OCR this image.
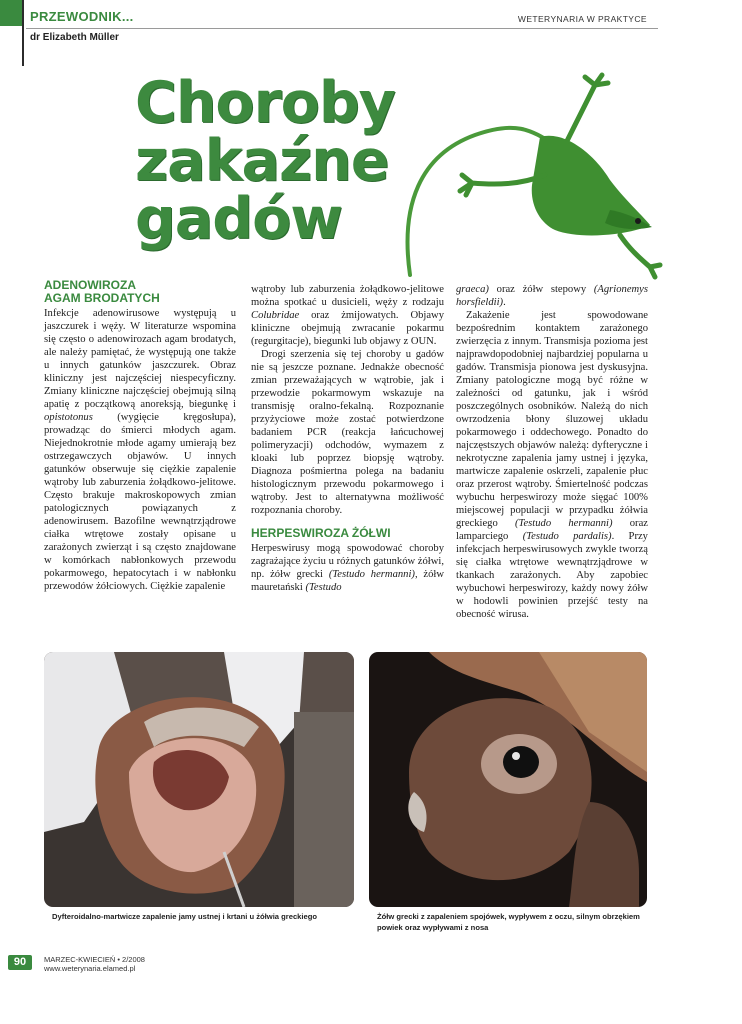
PRZEWODNIK...	WETERYNARIA W PRAKTYCE
dr Elizabeth Müller
Choroby
zakaźne
gadów
ADENOWIROZA
AGAM BRODATYCH

Infekcje adenowirusowe występują u jaszczurek i węży. W literaturze wspomina się często o adenowirozach agam brodatych, ale należy pamiętać, że występują one także u innych gatunków jaszczurek. Obraz kliniczny jest najczęściej niespecyficzny. Zmiany kliniczne najczęściej obejmują silną apatię z początkową anoreksją, biegunkę i opistotonus (wygięcie kręgosłupa), prowadząc do śmierci młodych agam. Niejednokrotnie młode agamy umierają bez ostrzegawczych objawów. U innych gatunków obserwuje się ciężkie zapalenie wątroby lub zaburzenia żołądkowo-jelitowe. Często brakuje makroskopowych zmian patologicznych powiązanych z adenowirusem. Bazofilne wewnątrzjądrowe ciałka wtrętowe zostały opisane u zarażonych zwierząt i są często znajdowane w komórkach nabłonkowych przewodu pokarmowego, hepatocytach i w nabłonku przewodów żółciowych. Ciężkie zapalenie

wątroby lub zaburzenia żołądkowo-jelitowe można spotkać u dusicieli, węży z rodzaju Colubridae oraz żmijowatych. Objawy kliniczne obejmują zwracanie pokarmu (regurgitacje), biegunki lub objawy z OUN.

Drogi szerzenia się tej choroby u gadów nie są jeszcze poznane. Jednakże obecność zmian przeważających w wątrobie, jak i przewodzie pokarmowym wskazuje na transmisję oralno-fekalną. Rozpoznanie przyżyciowe może zostać potwierdzone badaniem PCR (reakcja łańcuchowej polimeryzacji) odchodów, wymazem z kloaki lub poprzez biopsję wątroby. Diagnoza pośmiertna polega na badaniu histologicznym przewodu pokarmowego i wątroby. Jest to alternatywna możliwość rozpoznania choroby.

HERPESWIROZA ŻÓŁWI

Herpeswirusy mogą spowodować choroby zagrażające życiu u różnych gatunków żółwi, np. żółw grecki (Testudo hermanni), żółw mauretański (Testudo

graeca) oraz żółw stepowy (Agrionemys horsfieldii).

Zakażenie jest spowodowane bezpośrednim kontaktem zarażonego zwierzęcia z innym. Transmisja pozioma jest najprawdopodobniej najbardziej popularna u gadów. Transmisja pionowa jest dyskusyjna. Zmiany patologiczne mogą być różne w zależności od gatunku, jak i wśród poszczególnych osobników. Należą do nich owrzodzenia błony śluzowej układu pokarmowego i oddechowego. Ponadto do najczęstszych objawów należą: dyfteryczne i nekrotyczne zapalenia jamy ustnej i języka, martwicze zapalenie oskrzeli, zapalenie płuc oraz przerost wątroby. Śmiertelność podczas wybuchu herpeswirozy może sięgać 100% miejscowej populacji w przypadku żółwia greckiego (Testudo hermanni) oraz lamparciego (Testudo pardalis). Przy infekcjach herpeswirusowych zwykle tworzą się ciałka wtrętowe wewnątrzjądrowe w tkankach zarażonych. Aby zapobiec wybuchowi herpeswirozy, każdy nowy żółw w hodowli powinien przejść testy na obecność wirusa.

Dyfteroidalno-martwicze zapalenie jamy ustnej i krtani u żółwia greckiego	Żółw grecki z zapaleniem spojówek, wypływem z oczu, silnym obrzękiem powiek oraz wypływami z nosa
90	MARZEC-KWIECIEŃ • 2/2008
www.weterynaria.elamed.pl
